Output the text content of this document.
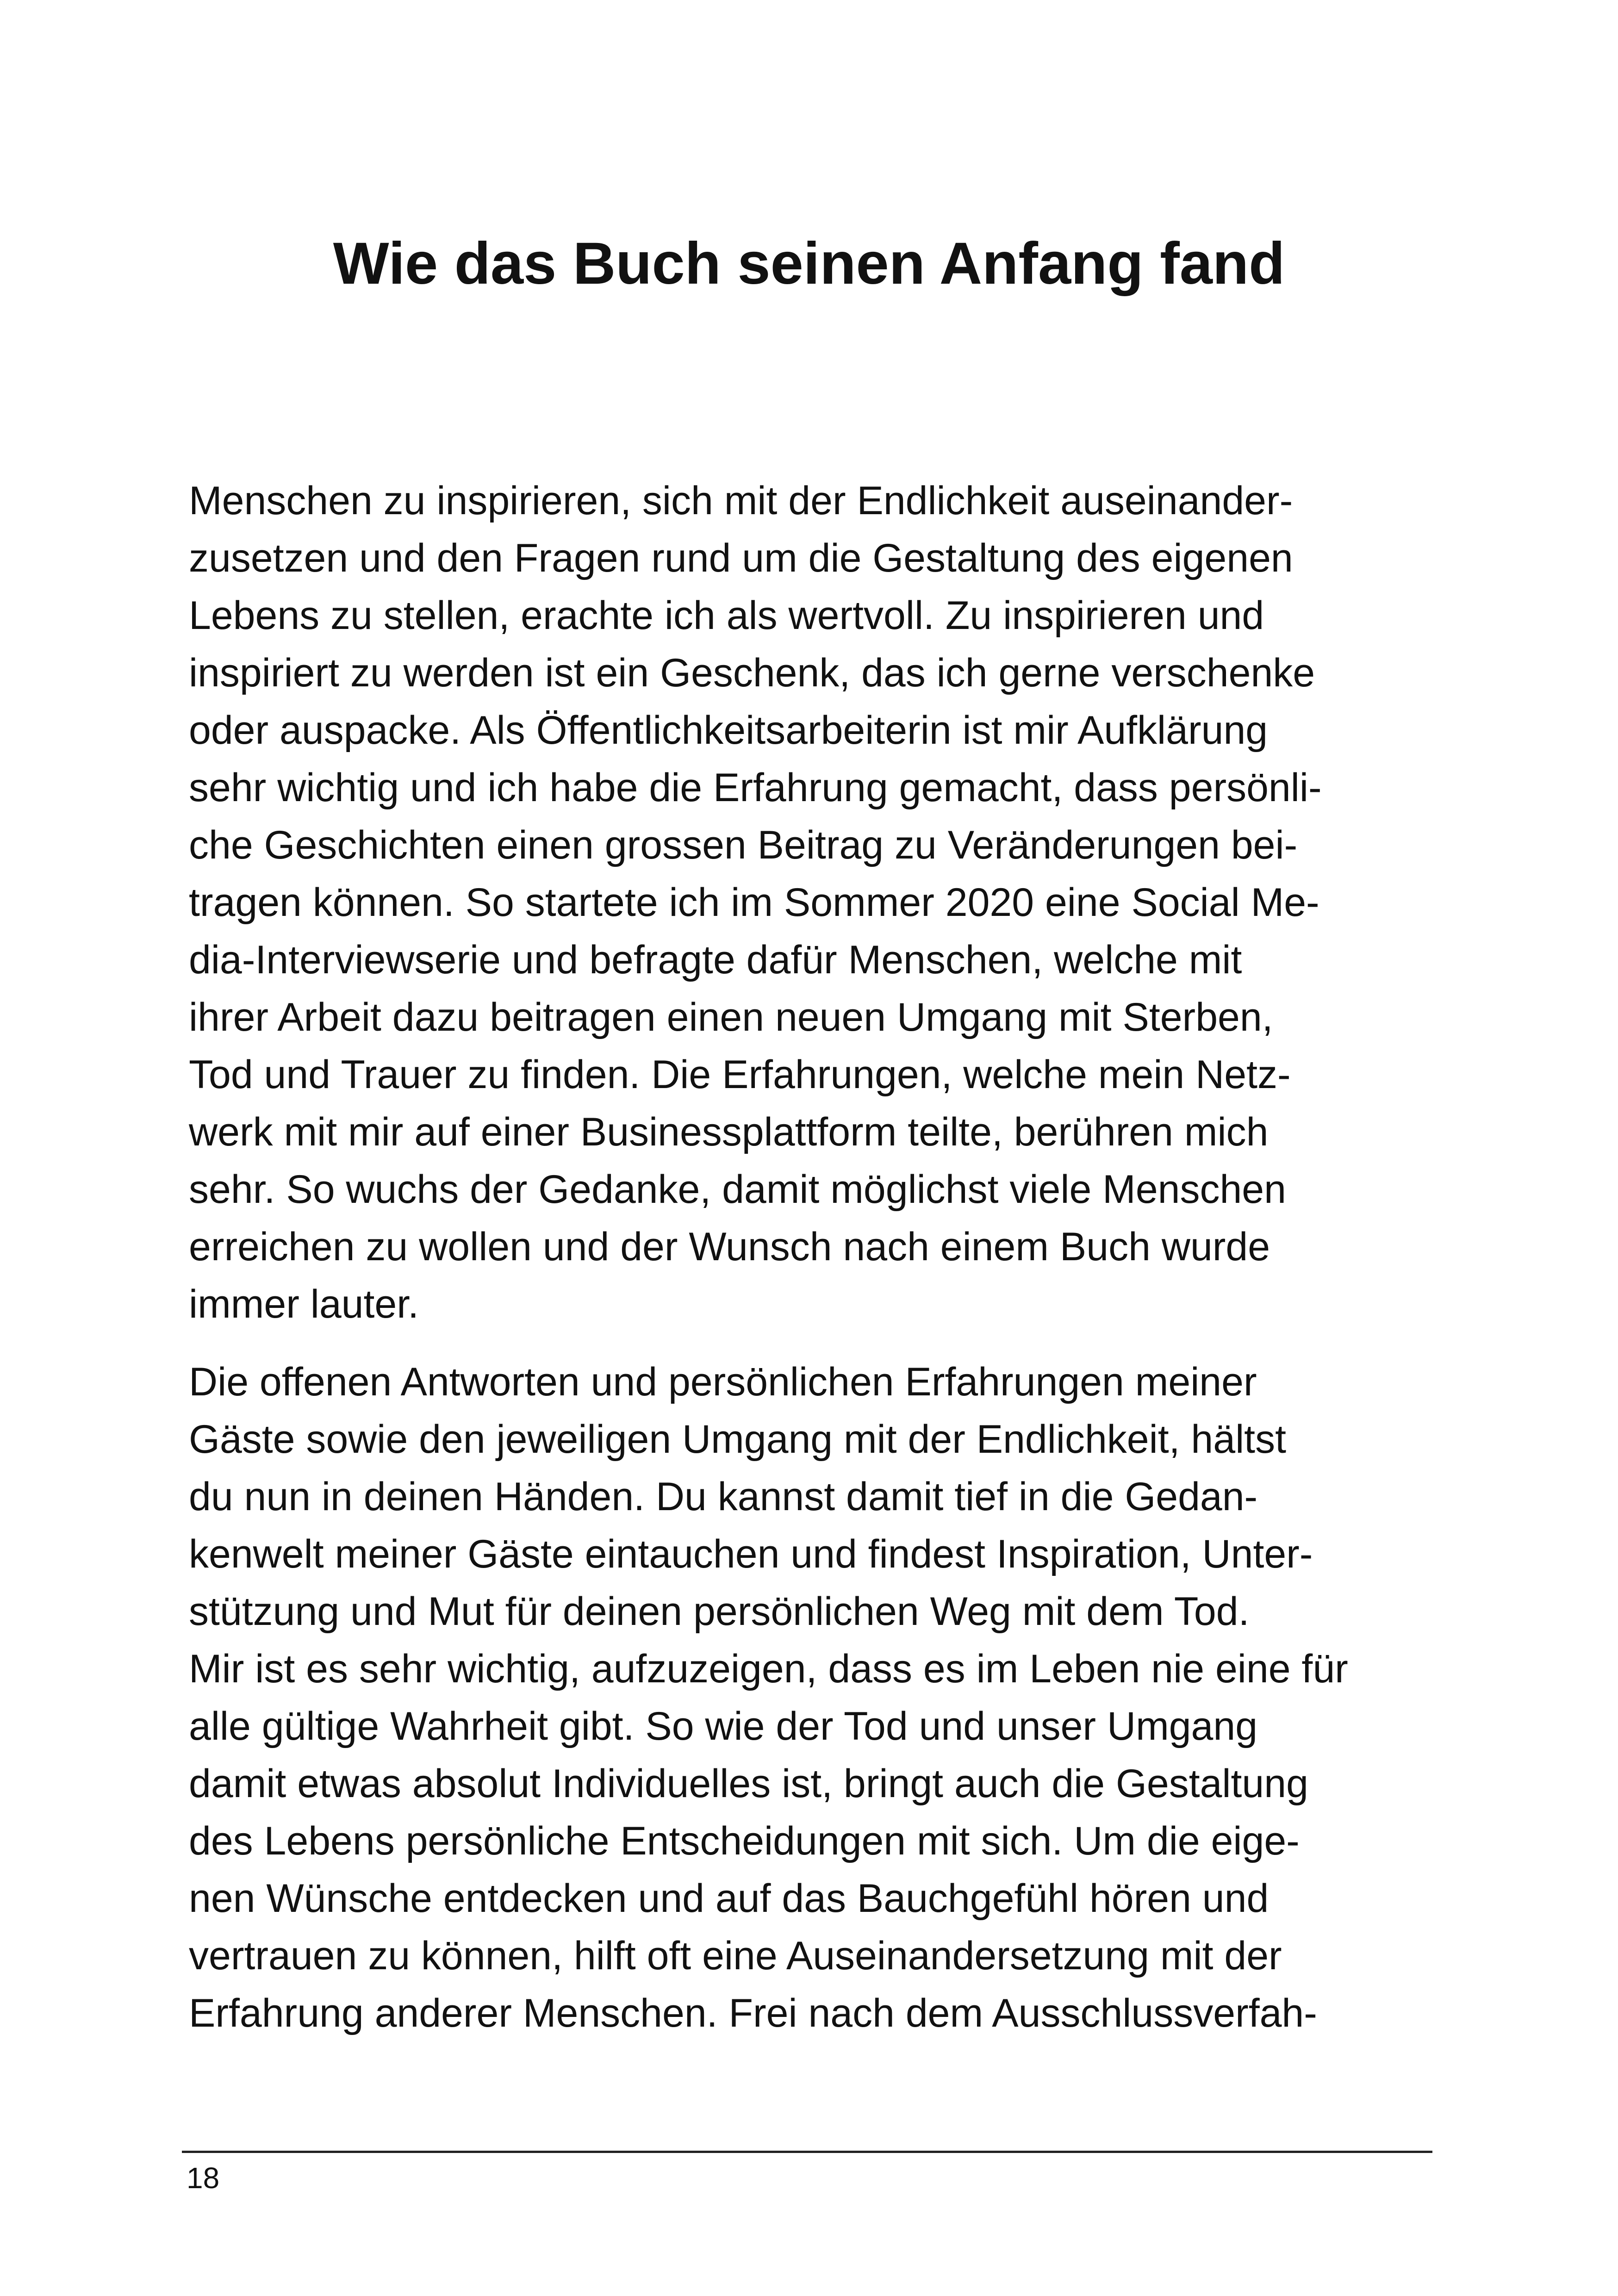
Wie das Buch seinen Anfang fand
Menschen zu inspirieren, sich mit der Endlichkeit auseinander-
zusetzen und den Fragen rund um die Gestaltung des eigenen
Lebens zu stellen, erachte ich als wertvoll. Zu inspirieren und
inspiriert zu werden ist ein Geschenk, das ich gerne verschenke
oder auspacke. Als Öffentlichkeitsarbeiterin ist mir Aufklärung
sehr wichtig und ich habe die Erfahrung gemacht, dass persönli-
che Geschichten einen grossen Beitrag zu Veränderungen bei-
tragen können. So startete ich im Sommer 2020 eine Social Me-
dia-Interviewserie und befragte dafür Menschen, welche mit
ihrer Arbeit dazu beitragen einen neuen Umgang mit Sterben,
Tod und Trauer zu finden. Die Erfahrungen, welche mein Netz-
werk mit mir auf einer Businessplattform teilte, berühren mich
sehr. So wuchs der Gedanke, damit möglichst viele Menschen
erreichen zu wollen und der Wunsch nach einem Buch wurde
immer lauter.
Die offenen Antworten und persönlichen Erfahrungen meiner
Gäste sowie den jeweiligen Umgang mit der Endlichkeit, hältst
du nun in deinen Händen. Du kannst damit tief in die Gedan-
kenwelt meiner Gäste eintauchen und findest Inspiration, Unter-
stützung und Mut für deinen persönlichen Weg mit dem Tod.
Mir ist es sehr wichtig, aufzuzeigen, dass es im Leben nie eine für
alle gültige Wahrheit gibt. So wie der Tod und unser Umgang
damit etwas absolut Individuelles ist, bringt auch die Gestaltung
des Lebens persönliche Entscheidungen mit sich. Um die eige-
nen Wünsche entdecken und auf das Bauchgefühl hören und
vertrauen zu können, hilft oft eine Auseinandersetzung mit der
Erfahrung anderer Menschen. Frei nach dem Ausschlussverfah-
18
